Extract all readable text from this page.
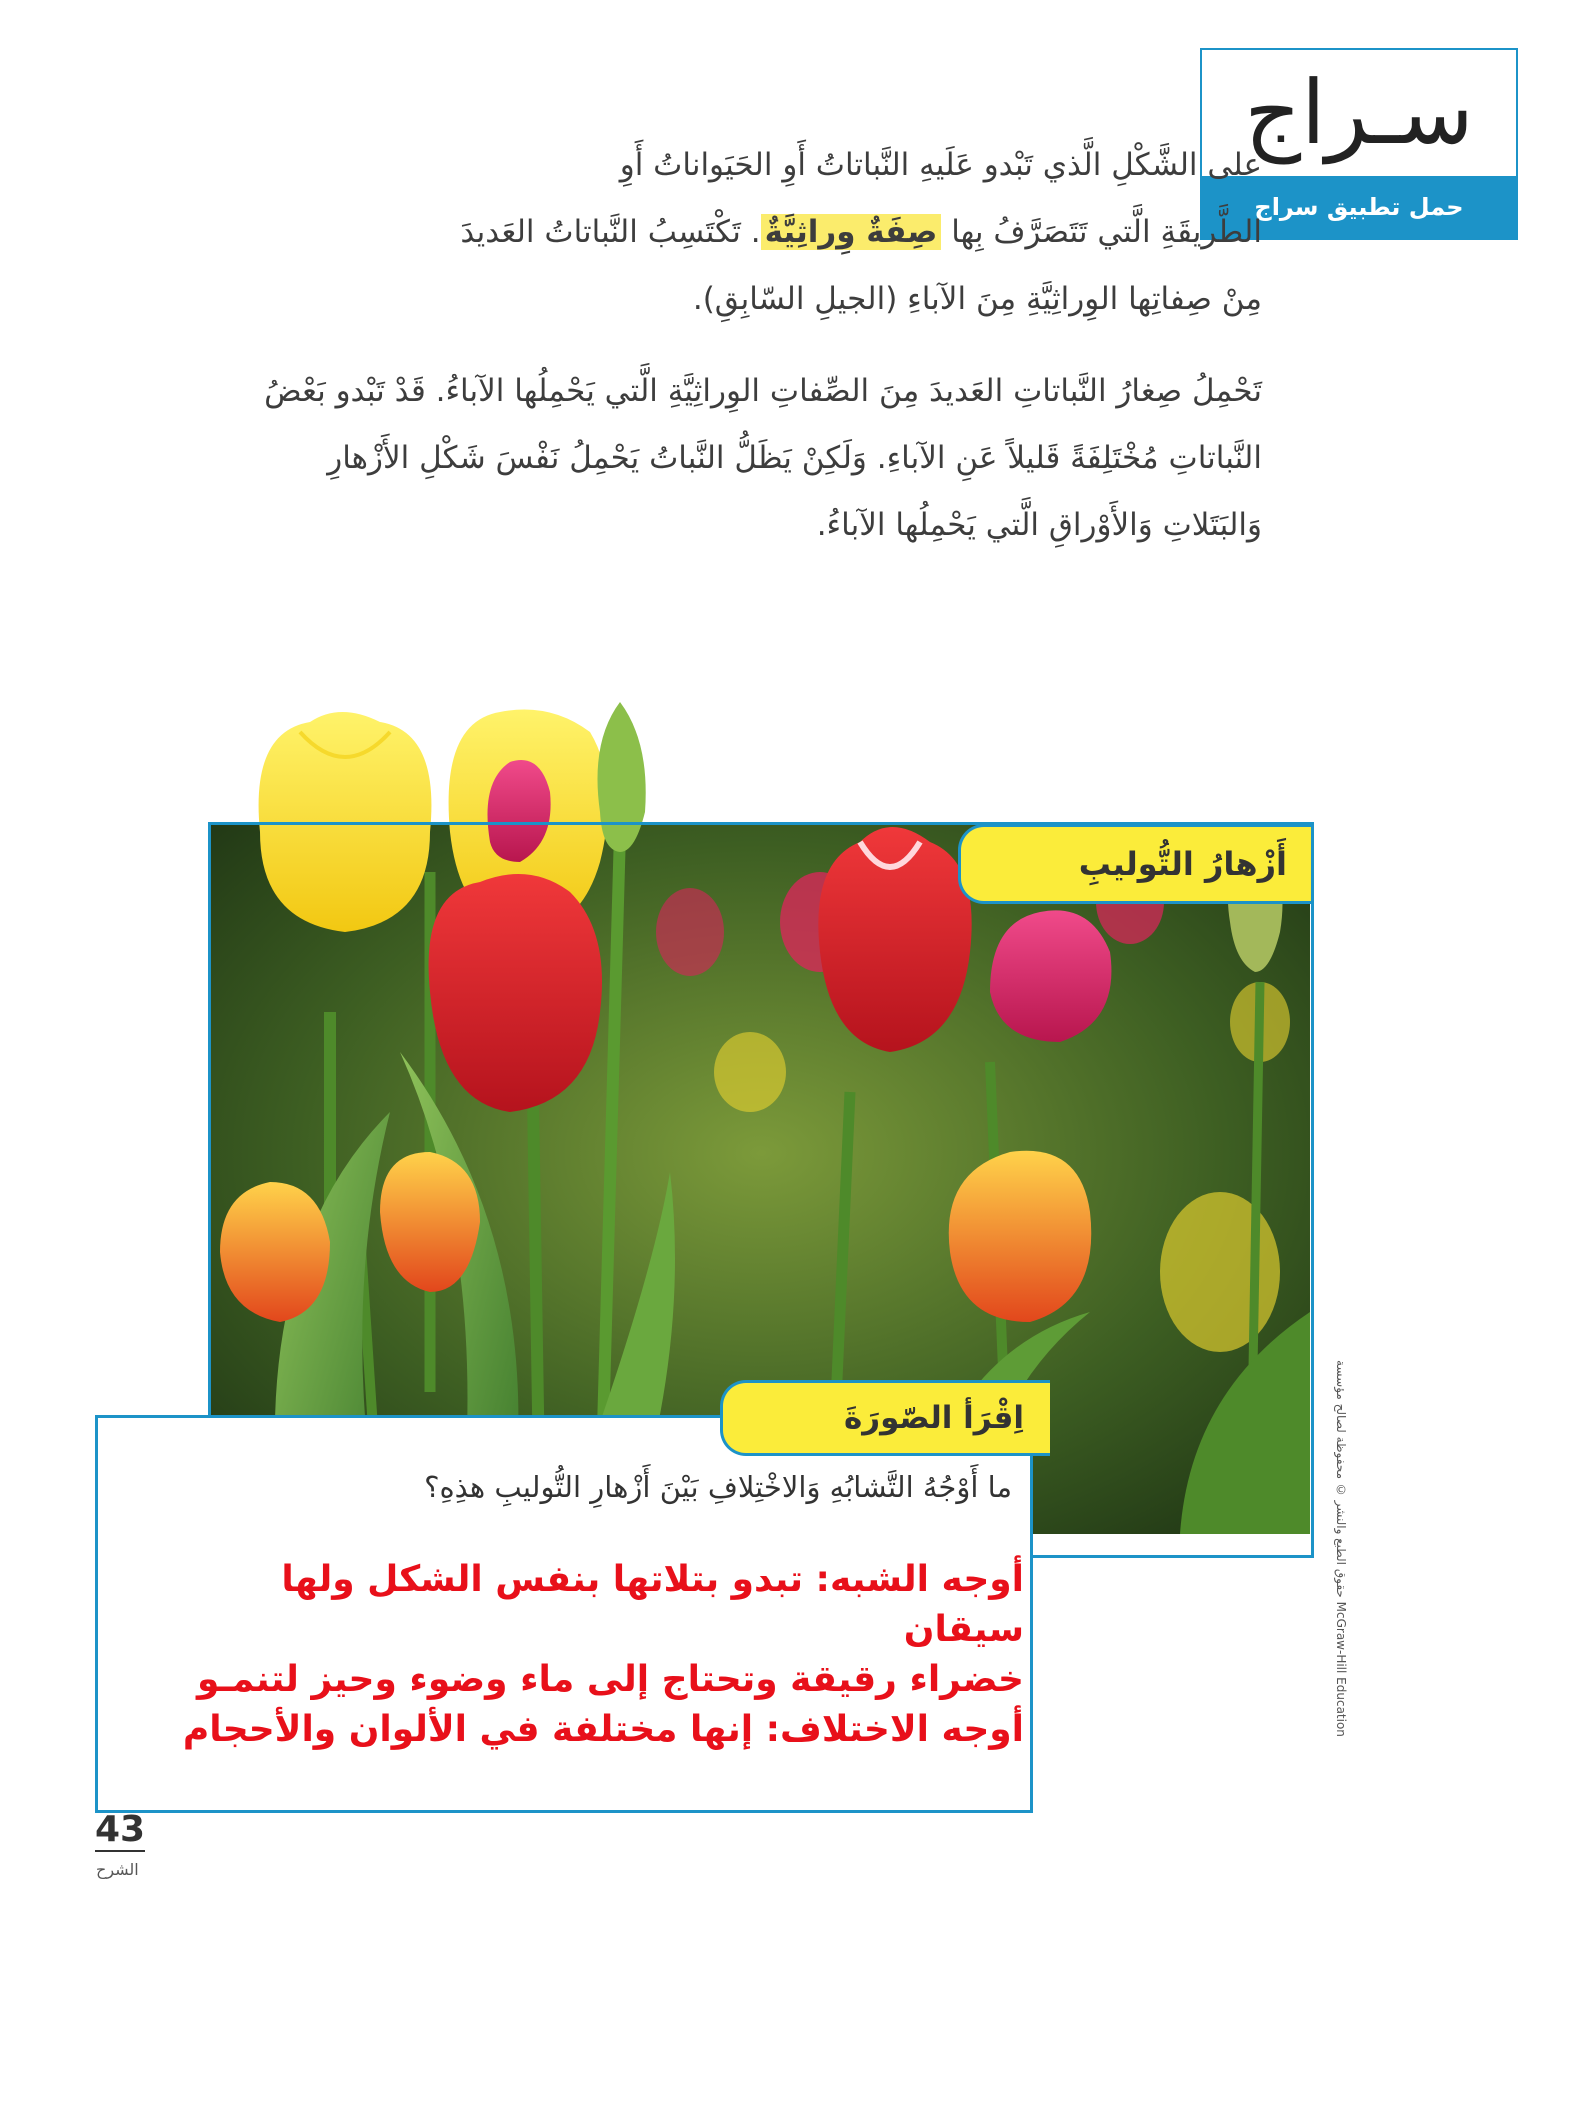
سـراج
حمل تطبيق سراج
على الشَّكْلِ الَّذي تَبْدو عَلَيهِ النَّباتاتُ أَوِ الحَيَواناتُ أَوِ
الطَّريقَةِ الَّتي تَتَصَرَّفُ بِها صِفَةٌ وِراثِيَّةٌ. تَكْتَسِبُ النَّباتاتُ العَديدَ
مِنْ صِفاتِها الوِراثِيَّةِ مِنَ الآباءِ (الجيلِ السّابِقِ).
تَحْمِلُ صِغارُ النَّباتاتِ العَديدَ مِنَ الصِّفاتِ الوِراثِيَّةِ الَّتي يَحْمِلُها الآباءُ. قَدْ تَبْدو بَعْضُ النَّباتاتِ مُخْتَلِفَةً قَليلاً عَنِ الآباءِ. وَلَكِنْ يَظَلُّ النَّباتُ يَحْمِلُ نَفْسَ شَكْلِ الأَزْهارِ وَالبَتَلاتِ وَالأَوْراقِ الَّتي يَحْمِلُها الآباءُ.
أَزْهارُ التُّوليبِ
اِقْرَأ الصّورَةَ
ما أَوْجُهُ التَّشابُهِ وَالاخْتِلافِ بَيْنَ أَزْهارِ التُّوليبِ هذِهِ؟
أوجه الشبه: تبدو بتلاتها بنفس الشكل ولها سيقان
خضراء رقيقة وتحتاج إلى ماء وضوء وحيز لتنمـو
أوجه الاختلاف: إنها مختلفة في الألوان والأحجام
43
الشرح
حقوق الطبع والنشر © محفوظة لصالح مؤسسة McGraw-Hill Education
